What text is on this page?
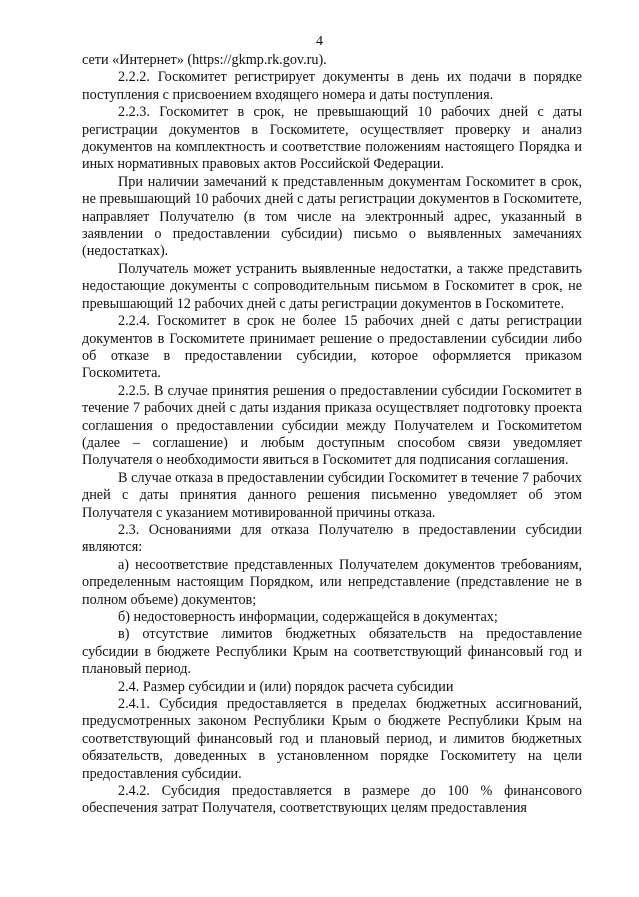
4

сети «Интернет» (https://gkmp.rk.gov.ru).

2.2.2. Госкомитет регистрирует документы в день их подачи в порядке поступления с присвоением входящего номера и даты поступления.

2.2.3. Госкомитет в срок, не превышающий 10 рабочих дней с даты регистрации документов в Госкомитете, осуществляет проверку и анализ документов на комплектность и соответствие положениям настоящего Порядка и иных нормативных правовых актов Российской Федерации.

При наличии замечаний к представленным документам Госкомитет в срок, не превышающий 10 рабочих дней с даты регистрации документов в Госкомитете, направляет Получателю (в том числе на электронный адрес, указанный в заявлении о предоставлении субсидии) письмо о выявленных замечаниях (недостатках).

Получатель может устранить выявленные недостатки, а также представить недостающие документы с сопроводительным письмом в Госкомитет в срок, не превышающий 12 рабочих дней с даты регистрации документов в Госкомитете.

2.2.4. Госкомитет в срок не более 15 рабочих дней с даты регистрации документов в Госкомитете принимает решение о предоставлении субсидии либо об отказе в предоставлении субсидии, которое оформляется приказом Госкомитета.

2.2.5. В случае принятия решения о предоставлении субсидии Госкомитет в течение 7 рабочих дней с даты издания приказа осуществляет подготовку проекта соглашения о предоставлении субсидии между Получателем и Госкомитетом (далее – соглашение) и любым доступным способом связи уведомляет Получателя о необходимости явиться в Госкомитет для подписания соглашения.

В случае отказа в предоставлении субсидии Госкомитет в течение 7 рабочих дней с даты принятия данного решения письменно уведомляет об этом Получателя с указанием мотивированной причины отказа.

2.3. Основаниями для отказа Получателю в предоставлении субсидии являются:

а) несоответствие представленных Получателем документов требованиям, определенным настоящим Порядком, или непредставление (представление не в полном объеме) документов;

б) недостоверность информации, содержащейся в документах;

в) отсутствие лимитов бюджетных обязательств на предоставление субсидии в бюджете Республики Крым на соответствующий финансовый год и плановый период.

2.4. Размер субсидии и (или) порядок расчета субсидии

2.4.1. Субсидия предоставляется в пределах бюджетных ассигнований, предусмотренных законом Республики Крым о бюджете Республики Крым на соответствующий финансовый год и плановый период, и лимитов бюджетных обязательств, доведенных в установленном порядке Госкомитету на цели предоставления субсидии.

2.4.2. Субсидия предоставляется в размере до 100 % финансового обеспечения затрат Получателя, соответствующих целям предоставления
